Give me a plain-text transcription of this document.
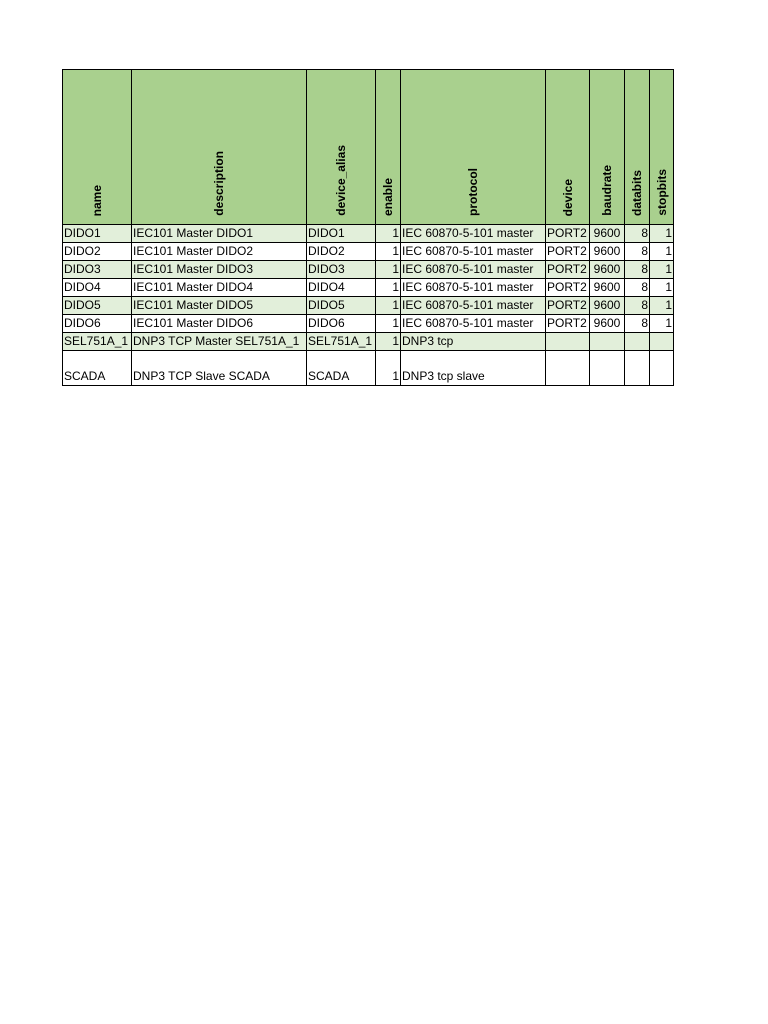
name	description	device_alias	enable	protocol	device	baudrate	databits	stopbits
DIDO1	IEC101 Master DIDO1	DIDO1	1	IEC 60870-5-101 master	PORT2	9600	8	1
DIDO2	IEC101 Master DIDO2	DIDO2	1	IEC 60870-5-101 master	PORT2	9600	8	1
DIDO3	IEC101 Master DIDO3	DIDO3	1	IEC 60870-5-101 master	PORT2	9600	8	1
DIDO4	IEC101 Master DIDO4	DIDO4	1	IEC 60870-5-101 master	PORT2	9600	8	1
DIDO5	IEC101 Master DIDO5	DIDO5	1	IEC 60870-5-101 master	PORT2	9600	8	1
DIDO6	IEC101 Master DIDO6	DIDO6	1	IEC 60870-5-101 master	PORT2	9600	8	1
SEL751A_1	DNP3 TCP Master SEL751A_1	SEL751A_1	1	DNP3 tcp				
SCADA	DNP3 TCP Slave SCADA	SCADA	1	DNP3 tcp slave				
